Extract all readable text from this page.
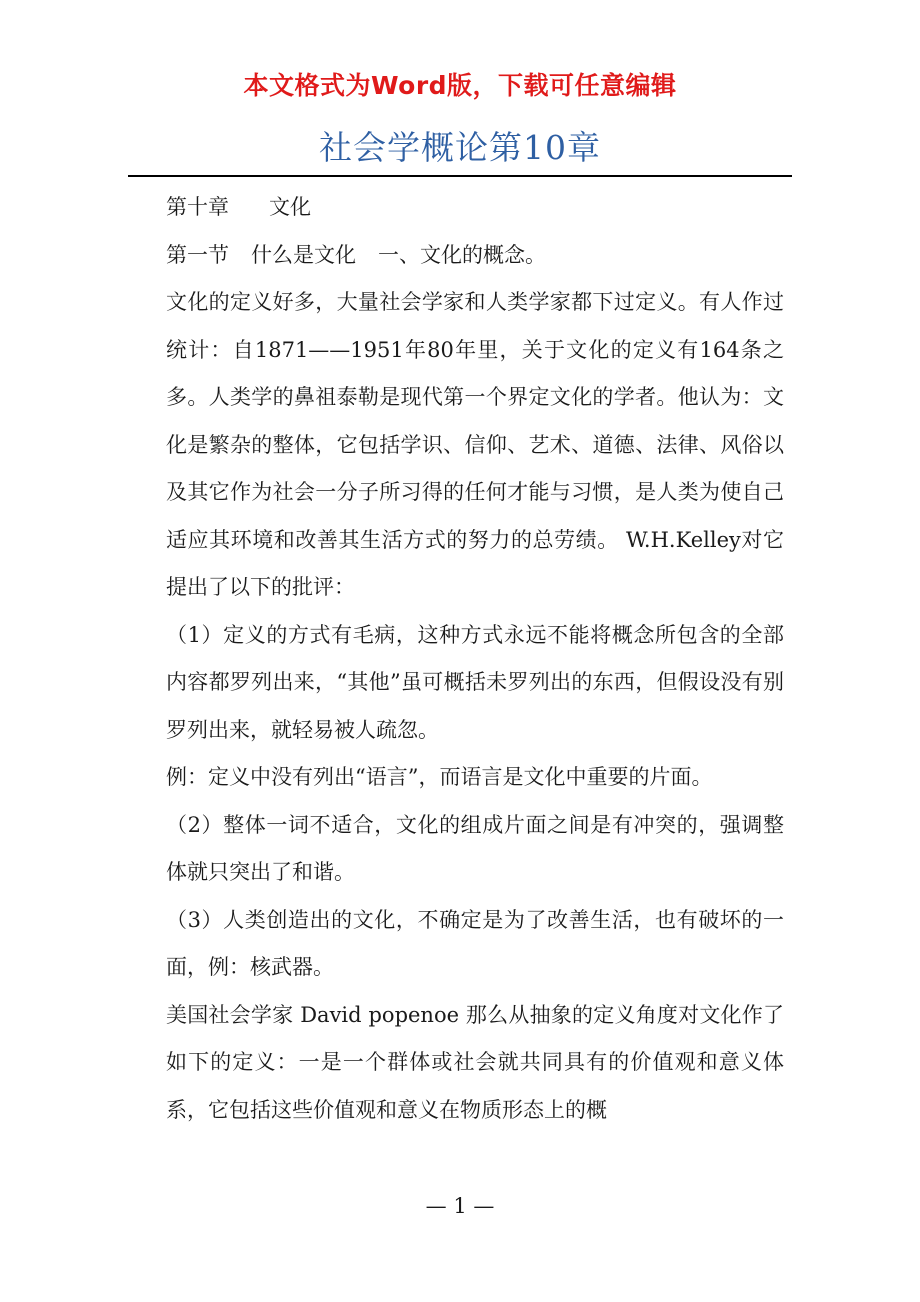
本文格式为Word版，下载可任意编辑
社会学概论第10章

第十章 文化

第一节 什么是文化 一、文化的概念。

文化的定义好多，大量社会学家和人类学家都下过定义。有人作过统计：自1871——1951年80年里，关于文化的定义有164条之多。人类学的鼻祖泰勒是现代第一个界定文化的学者。他认为：文化是繁杂的整体，它包括学识、信仰、艺术、道德、法律、风俗以及其它作为社会一分子所习得的任何才能与习惯，是人类为使自己适应其环境和改善其生活方式的努力的总劳绩。 W.H.Kelley对它提出了以下的批评：

（1）定义的方式有毛病，这种方式永远不能将概念所包含的全部内容都罗列出来，“其他”虽可概括未罗列出的东西，但假设没有别罗列出来，就轻易被人疏忽。

例：定义中没有列出“语言”，而语言是文化中重要的片面。

（2）整体一词不适合，文化的组成片面之间是有冲突的，强调整体就只突出了和谐。

（3）人类创造出的文化，不确定是为了改善生活，也有破坏的一面，例：核武器。

美国社会学家 David popenoe 那么从抽象的定义角度对文化作了如下的定义：一是一个群体或社会就共同具有的价值观和意义体系，它包括这些价值观和意义在物质形态上的概

— 1 —
